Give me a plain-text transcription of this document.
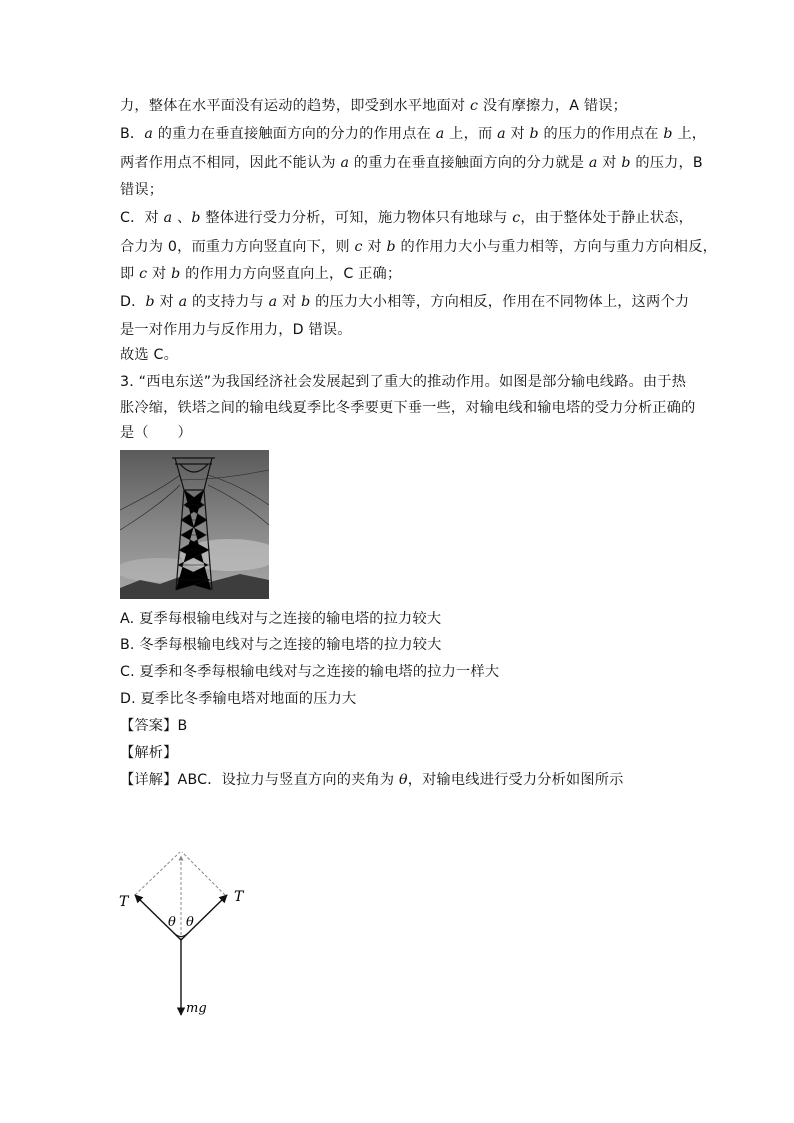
力，整体在水平面没有运动的趋势，即受到水平地面对 c 没有摩擦力，A 错误；
B．a 的重力在垂直接触面方向的分力的作用点在 a 上，而 a 对 b 的压力的作用点在 b 上，
两者作用点不相同，因此不能认为 a 的重力在垂直接触面方向的分力就是 a 对 b 的压力，B
错误；
C．对 a 、b 整体进行受力分析，可知，施力物体只有地球与 c，由于整体处于静止状态，
合力为 0，而重力方向竖直向下，则 c 对 b 的作用力大小与重力相等，方向与重力方向相反，
即 c 对 b 的作用力方向竖直向上，C 正确；
D．b 对 a 的支持力与 a 对 b 的压力大小相等，方向相反，作用在不同物体上，这两个力
是一对作用力与反作用力，D 错误。
故选 C。
3. “西电东送”为我国经济社会发展起到了重大的推动作用。如图是部分输电线路。由于热
胀冷缩，铁塔之间的输电线夏季比冬季要更下垂一些，对输电线和输电塔的受力分析正确的
是（　　）
A. 夏季每根输电线对与之连接的输电塔的拉力较大
B. 冬季每根输电线对与之连接的输电塔的拉力较大
C. 夏季和冬季每根输电线对与之连接的输电塔的拉力一样大
D. 夏季比冬季输电塔对地面的压力大
【答案】B
【解析】
【详解】ABC．设拉力与竖直方向的夹角为 θ，对输电线进行受力分析如图所示
T	T
θ θ
mg
